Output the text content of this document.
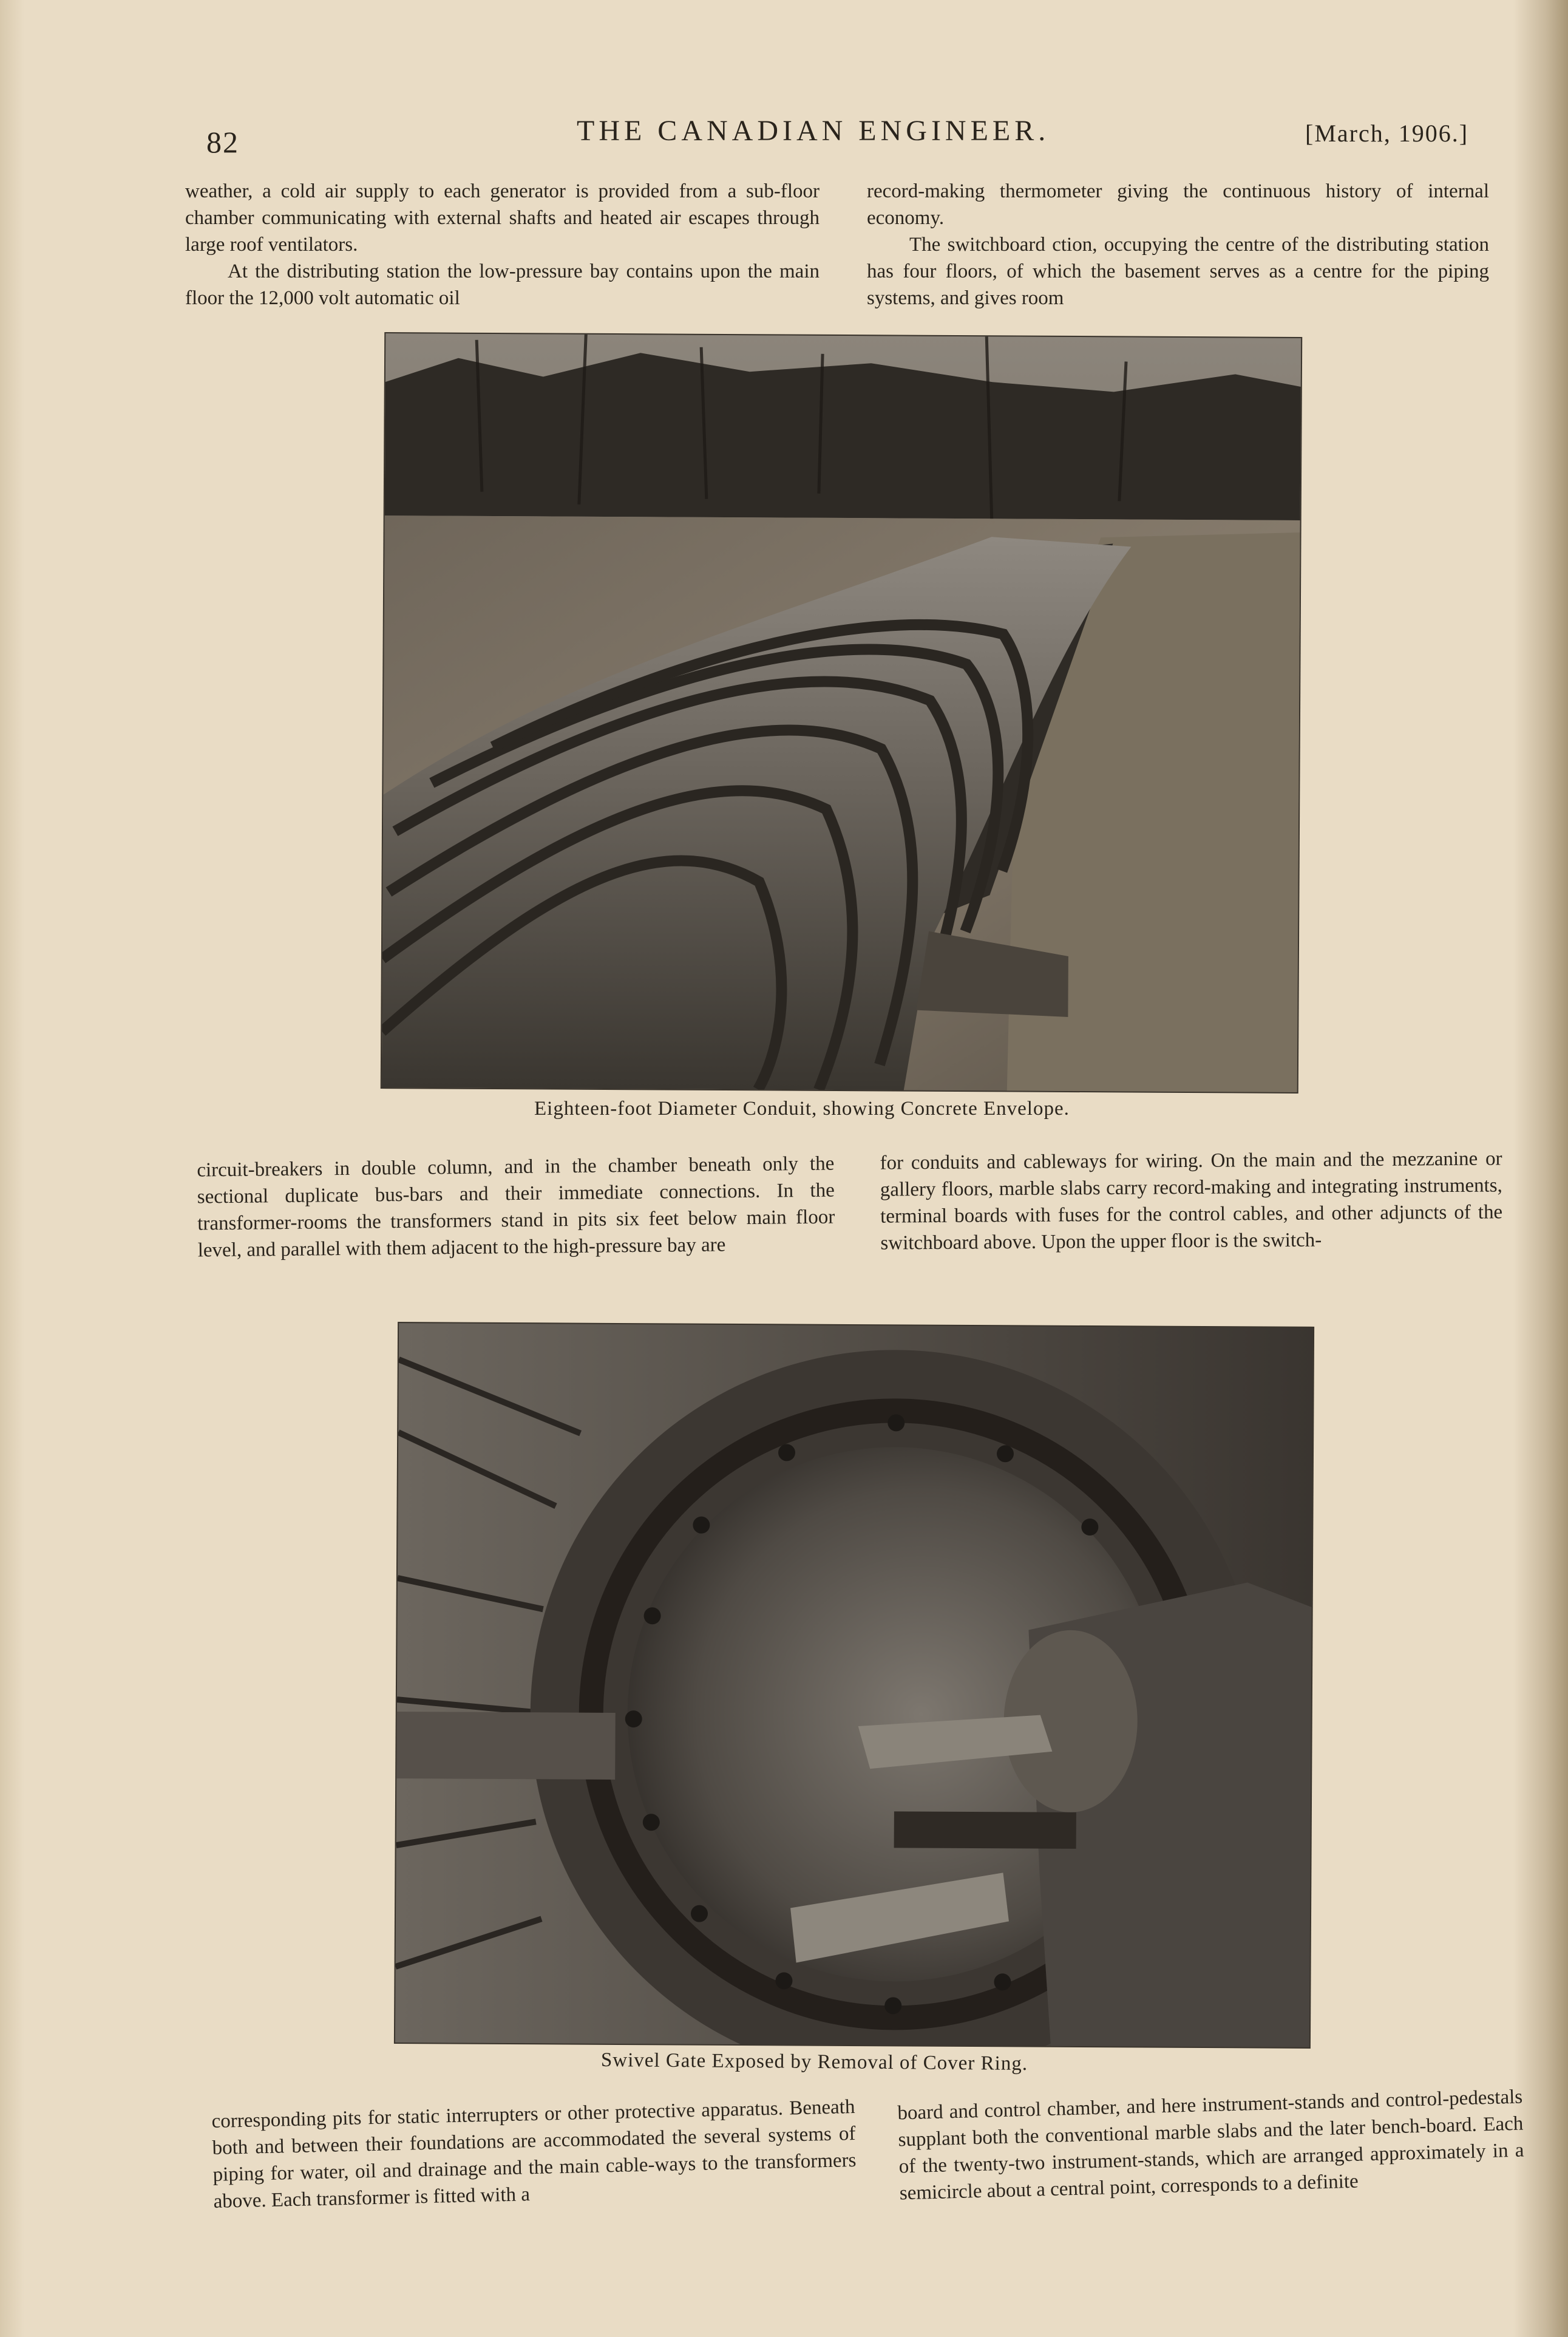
82	THE CANADIAN ENGINEER.	[March, 1906.]

weather, a cold air supply to each generator is provided from a sub-floor chamber communicating with external shafts and heated air escapes through large roof ventilators.

At the distributing station the low-pressure bay contains upon the main floor the 12,000 volt automatic oil

record-making thermometer giving the continuous history of internal economy.

The switchboard ction, occupying the centre of the distributing station has four floors, of which the basement serves as a centre for the piping systems, and gives room

Eighteen-foot Diameter Conduit, showing Concrete Envelope.

circuit-breakers in double column, and in the chamber beneath only the sectional duplicate bus-bars and their immediate connections. In the transformer-rooms the transformers stand in pits six feet below main floor level, and parallel with them adjacent to the high-pressure bay are

for conduits and cableways for wiring. On the main and the mezzanine or gallery floors, marble slabs carry record-making and integrating instruments, terminal boards with fuses for the control cables, and other adjuncts of the switchboard above. Upon the upper floor is the switch-

Swivel Gate Exposed by Removal of Cover Ring.

corresponding pits for static interrupters or other protective apparatus. Beneath both and between their foundations are accommodated the several systems of piping for water, oil and drainage and the main cable-ways to the transformers above. Each transformer is fitted with a

board and control chamber, and here instrument-stands and control-pedestals supplant both the conventional marble slabs and the later bench-board. Each of the twenty-two instrument-stands, which are arranged approximately in a semicircle about a central point, corresponds to a definite
